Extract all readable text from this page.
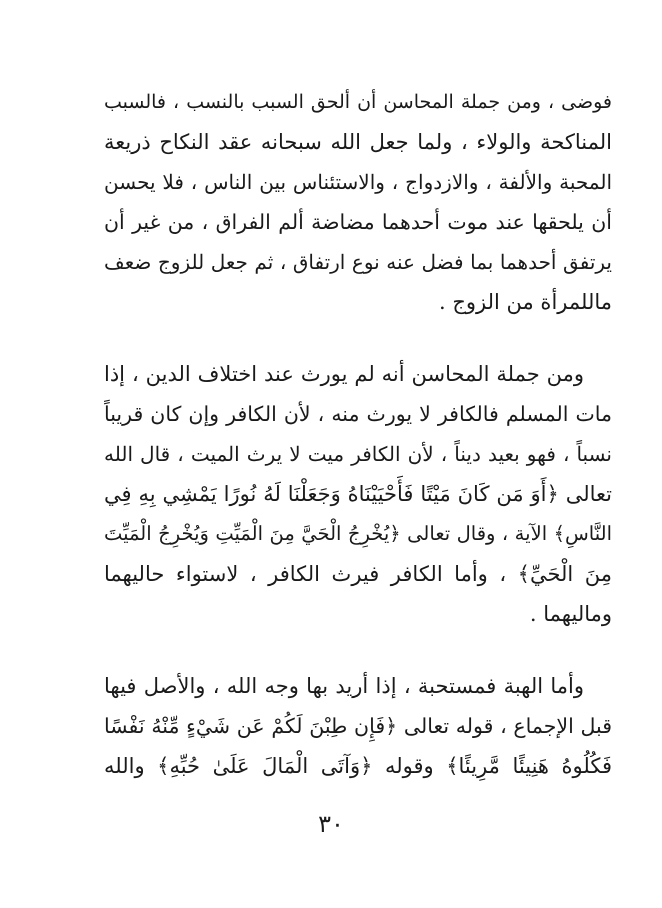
فوضى ، ومن جملة المحاسن أن ألحق السبب بالنسب ، فالسبب
المناكحة والولاء ، ولما جعل الله سبحانه عقد النكاح ذريعة
المحبة والألفة ، والازدواج ، والاستئناس بين الناس ، فلا يحسن
أن يلحقها عند موت أحدهما مضاضة ألم الفراق ، من غير أن
يرتفق أحدهما بما فضل عنه نوع ارتفاق ، ثم جعل للزوج ضعف
ماللمرأة من الزوج .
ومن جملة المحاسن أنه لم يورث عند اختلاف الدين ، إذا
مات المسلم فالكافر لا يورث منه ، لأن الكافر وإن كان قريباً
نسباً ، فهو بعيد ديناً ، لأن الكافر ميت لا يرث الميت ، قال الله
تعالى ﴿أَوَ مَن كَانَ مَيْتًا فَأَحْيَيْنَاهُ وَجَعَلْنَا لَهُ نُورًا يَمْشِي بِهِ فِي
النَّاسِ﴾ الآية ، وقال تعالى ﴿يُخْرِجُ الْحَيَّ مِنَ الْمَيِّتِ وَيُخْرِجُ الْمَيِّتَ
مِنَ الْحَيِّ﴾ ، وأما الكافر فيرث الكافر ، لاستواء حاليهما
وماليهما .
وأما الهبة فمستحبة ، إذا أريد بها وجه الله ، والأصل فيها
قبل الإجماع ، قوله تعالى ﴿فَإِن طِبْنَ لَكُمْ عَن شَيْءٍ مِّنْهُ نَفْسًا
فَكُلُوهُ هَنِيئًا مَّرِيئًا﴾ وقوله ﴿وَآتَى الْمَالَ عَلَىٰ حُبِّهِ﴾ والله
٣٠
